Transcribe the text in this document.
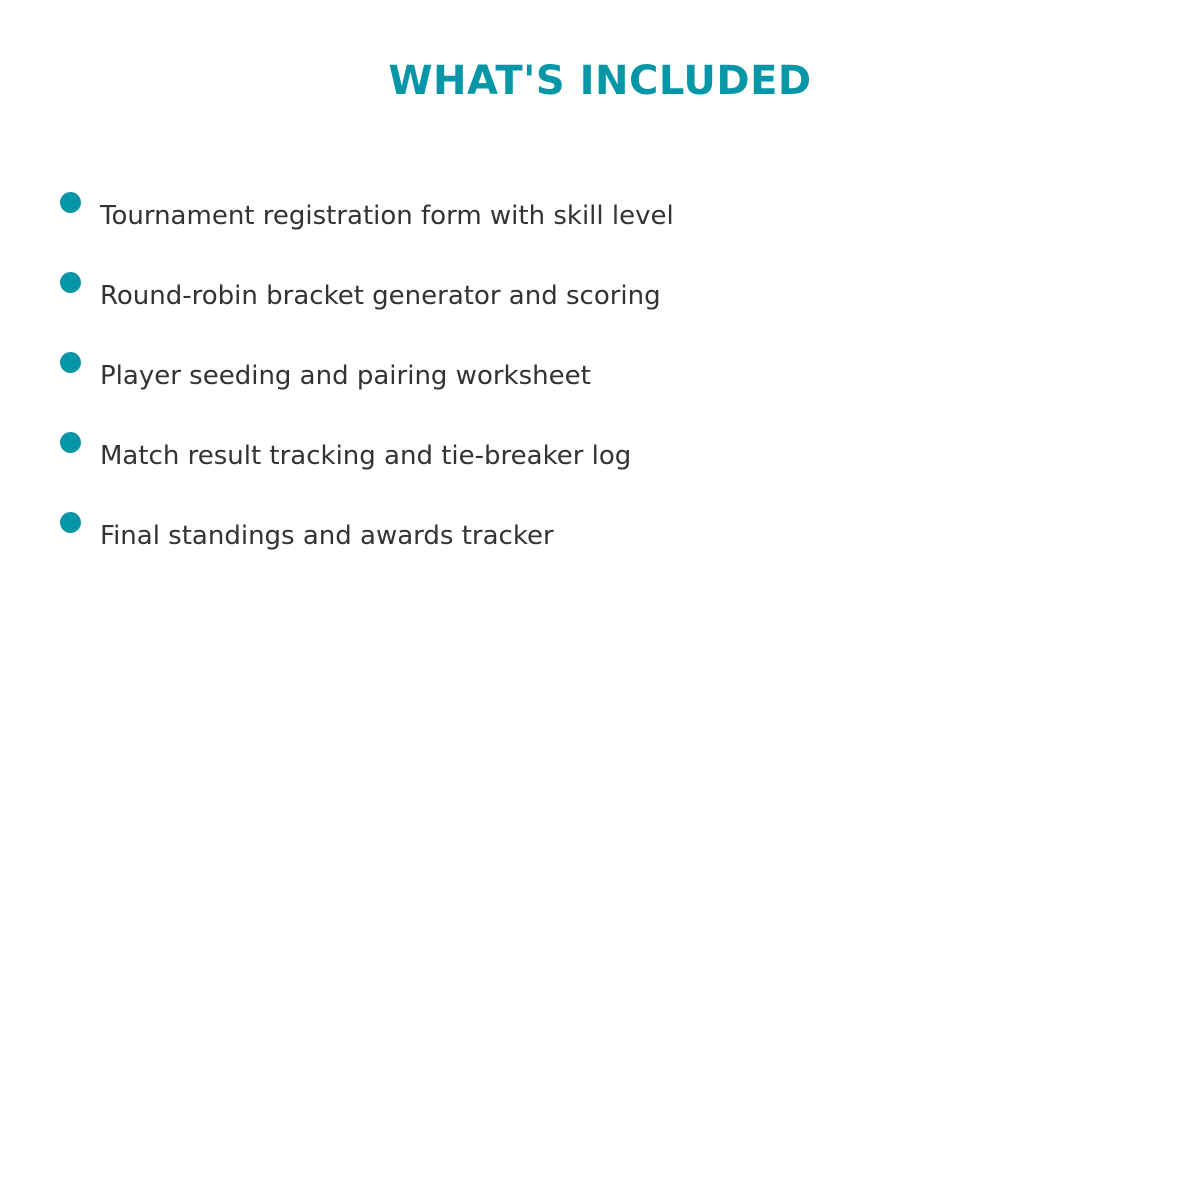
WHAT'S INCLUDED
Tournament registration form with skill level
Round-robin bracket generator and scoring
Player seeding and pairing worksheet
Match result tracking and tie-breaker log
Final standings and awards tracker
